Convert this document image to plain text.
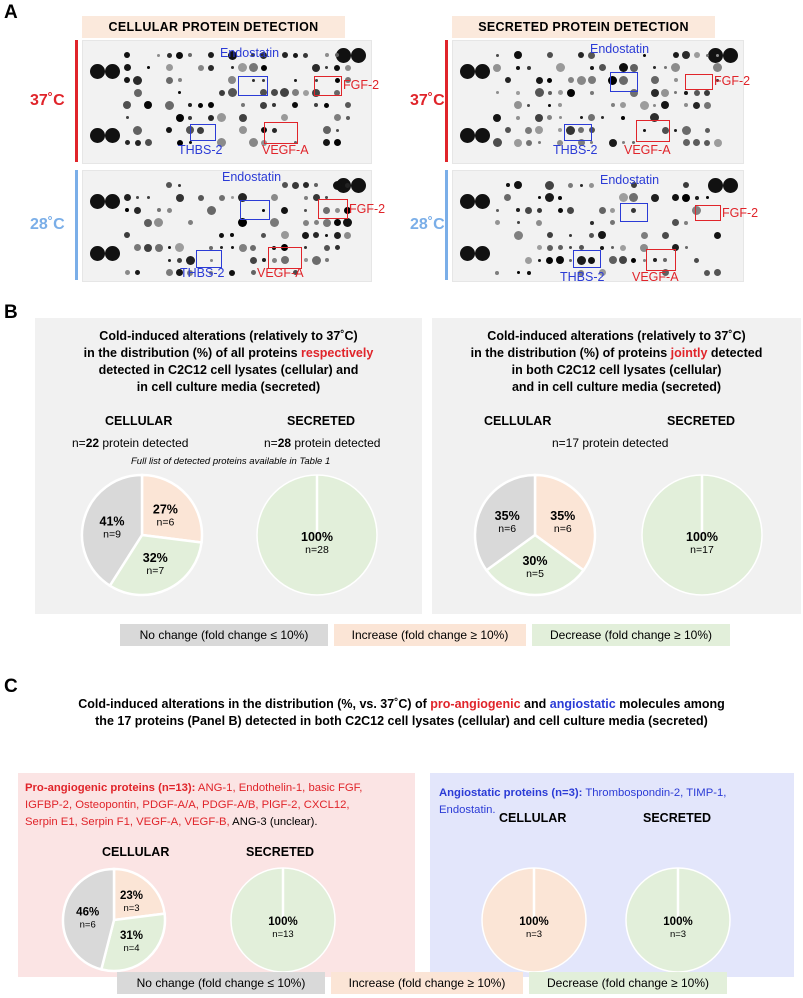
A
CELLULAR PROTEIN DETECTION	SECRETED PROTEIN DETECTION
37˚C
28˚C
37˚C
28˚C
Endostatin
FGF-2
THBS-2	VEGF-A
Endostatin
FGF-2
THBS-2	VEGF-A
Endostatin
FGF-2
THBS-2 VEGF-A
Endostatin
FGF-2
THBS-2 VEGF-A
B
Cold-induced alterations (relatively to 37˚C)
in the distribution (%) of all proteins respectively
detected in C2C12 cell lysates (cellular) and
in cell culture media (secreted)
CELLULAR	SECRETED
n=22 protein detected	n=28 protein detected
Full list of detected proteins available in Table 1
Cold-induced alterations (relatively to 37˚C)
in the distribution (%) of proteins jointly detected
in both C2C12 cell lysates (cellular)
and in cell culture media (secreted)
CELLULAR	SECRETED
n=17 protein detected
27%
n=6
32%
n=7
41%
n=9	100%
n=28
35%
n=6
30%
n=5
35%
n=6
100%
n=17
No change (fold change ≤ 10%)	Increase (fold change ≥ 10%)	Decrease (fold change ≥ 10%)
C
Cold-induced alterations in the distribution (%, vs. 37˚C) of pro-angiogenic and angiostatic molecules among
the 17 proteins (Panel B) detected in both C2C12 cell lysates (cellular) and cell culture media (secreted)
Pro-angiogenic proteins (n=13): ANG-1, Endothelin-1, basic FGF,
IGFBP-2, Osteopontin, PDGF-A/A, PDGF-A/B, PlGF-2, CXCL12,
Serpin E1, Serpin F1, VEGF-A, VEGF-B, ANG-3 (unclear).
CELLULAR	SECRETED
Angiostatic proteins (n=3): Thrombospondin-2, TIMP-1,
Endostatin.
CELLULAR	SECRETED
23%
n=3
31%
n=4
46%
n=6	100%
n=13
100%
n=3
100%
n=3
No change (fold change ≤ 10%)	Increase (fold change ≥ 10%)	Decrease (fold change ≥ 10%)
